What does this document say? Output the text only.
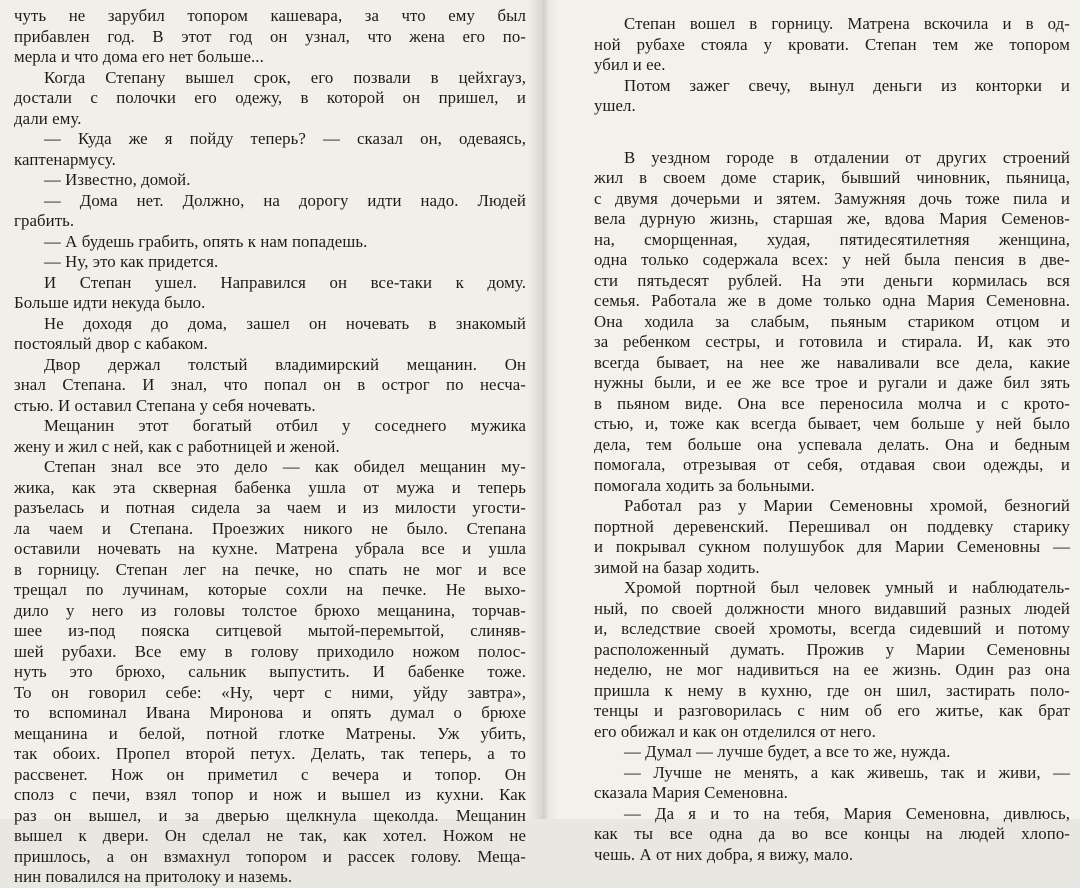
чуть не зарубил топором кашевара, за что ему был
прибавлен год. В этот год он узнал, что жена его по-
мерла и что дома его нет больше...
Когда Степану вышел срок, его позвали в цейхгауз,
достали с полочки его одежу, в которой он пришел, и
дали ему.
— Куда же я пойду теперь? — сказал он, одеваясь,
каптенармусу.
— Известно, домой.
— Дома нет. Должно, на дорогу идти надо. Людей
грабить.
— А будешь грабить, опять к нам попадешь.
— Ну, это как придется.
И Степан ушел. Направился он все-таки к дому.
Больше идти некуда было.
Не доходя до дома, зашел он ночевать в знакомый
постоялый двор с кабаком.
Двор держал толстый владимирский мещанин. Он
знал Степана. И знал, что попал он в острог по несча-
стью. И оставил Степана у себя ночевать.
Мещанин этот богатый отбил у соседнего мужика
жену и жил с ней, как с работницей и женой.
Степан знал все это дело — как обидел мещанин му-
жика, как эта скверная бабенка ушла от мужа и теперь
разъелась и потная сидела за чаем и из милости угости-
ла чаем и Степана. Проезжих никого не было. Степана
оставили ночевать на кухне. Матрена убрала все и ушла
в горницу. Степан лег на печке, но спать не мог и все
трещал по лучинам, которые сохли на печке. Не выхо-
дило у него из головы толстое брюхо мещанина, торчав-
шее из-под пояска ситцевой мытой-перемытой, слиняв-
шей рубахи. Все ему в голову приходило ножом полос-
нуть это брюхо, сальник выпустить. И бабенке тоже.
То он говорил себе: «Ну, черт с ними, уйду завтра»,
то вспоминал Ивана Миронова и опять думал о брюхе
мещанина и белой, потной глотке Матрены. Уж убить,
так обоих. Пропел второй петух. Делать, так теперь, а то
рассвенет. Нож он приметил с вечера и топор. Он
сполз с печи, взял топор и нож и вышел из кухни. Как
раз он вышел, и за дверью щелкнула щеколда. Мещанин
вышел к двери. Он сделал не так, как хотел. Ножом не
пришлось, а он взмахнул топором и рассек голову. Меща-
нин повалился на притолоку и наземь.
Степан вошел в горницу. Матрена вскочила и в од-
ной рубахе стояла у кровати. Степан тем же топором
убил и ее.
Потом зажег свечу, вынул деньги из конторки и
ушел.
В уездном городе в отдалении от других строений
жил в своем доме старик, бывший чиновник, пьяница,
с двумя дочерьми и зятем. Замужняя дочь тоже пила и
вела дурную жизнь, старшая же, вдова Мария Семенов-
на, сморщенная, худая, пятидесятилетняя женщина,
одна только содержала всех: у ней была пенсия в две-
сти пятьдесят рублей. На эти деньги кормилась вся
семья. Работала же в доме только одна Мария Семеновна.
Она ходила за слабым, пьяным стариком отцом и
за ребенком сестры, и готовила и стирала. И, как это
всегда бывает, на нее же наваливали все дела, какие
нужны были, и ее же все трое и ругали и даже бил зять
в пьяном виде. Она все переносила молча и с крото-
стью, и, тоже как всегда бывает, чем больше у ней было
дела, тем больше она успевала делать. Она и бедным
помогала, отрезывая от себя, отдавая свои одежды, и
помогала ходить за больными.
Работал раз у Марии Семеновны хромой, безногий
портной деревенский. Перешивал он поддевку старику
и покрывал сукном полушубок для Марии Семеновны —
зимой на базар ходить.
Хромой портной был человек умный и наблюдатель-
ный, по своей должности много видавший разных людей
и, вследствие своей хромоты, всегда сидевший и потому
расположенный думать. Прожив у Марии Семеновны
неделю, не мог надивиться на ее жизнь. Один раз она
пришла к нему в кухню, где он шил, застирать поло-
тенцы и разговорилась с ним об его житье, как брат
его обижал и как он отделился от него.
— Думал — лучше будет, а все то же, нужда.
— Лучше не менять, а как живешь, так и живи, —
сказала Мария Семеновна.
— Да я и то на тебя, Мария Семеновна, дивлюсь,
как ты все одна да во все концы на людей хлопо-
чешь. А от них добра, я вижу, мало.
